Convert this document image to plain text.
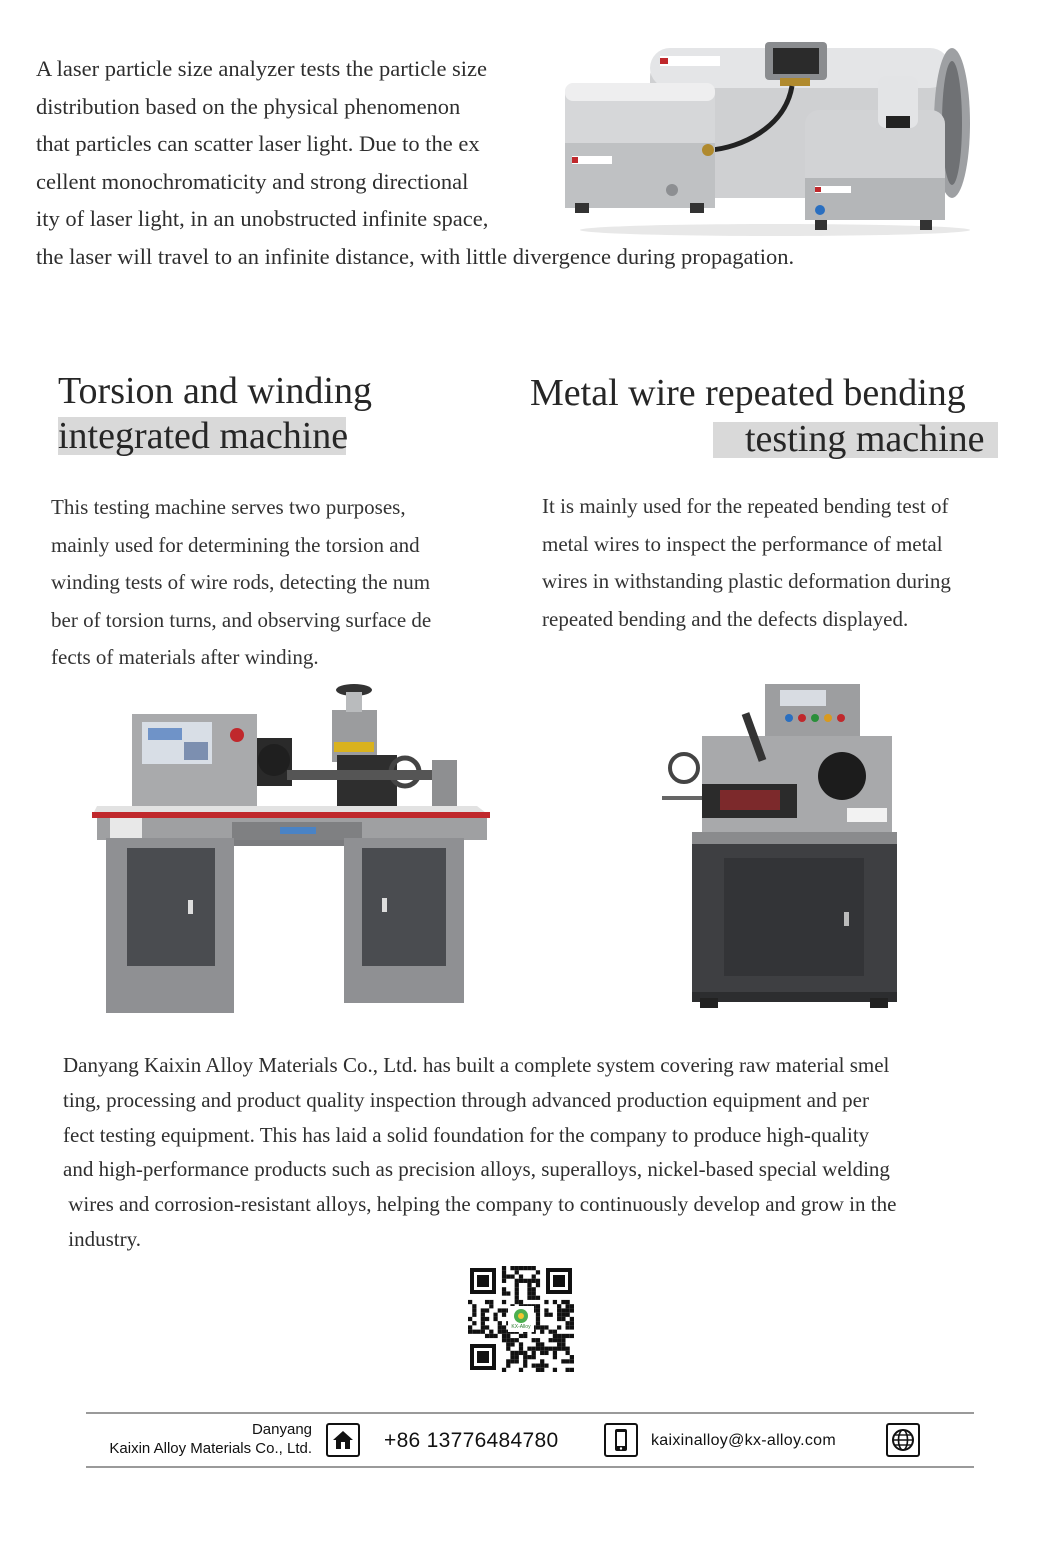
A laser particle size analyzer tests the particle size
distribution based on the physical phenomenon
that particles can scatter laser light. Due to the ex
cellent monochromaticity and strong directional
ity of laser light, in an unobstructed infinite space,
the laser will travel to an infinite distance, with little divergence during propagation.
Torsion and winding
integrated machine
Metal wire repeated bending
testing machine
This testing machine serves two purposes,
mainly used for determining the torsion and
winding tests of wire rods, detecting the num
ber of torsion turns, and observing surface de
fects of materials after winding.
It is mainly used for the repeated bending test of
metal wires to inspect the performance of metal
wires in withstanding plastic deformation during
repeated bending and the defects displayed.
Danyang Kaixin Alloy Materials Co., Ltd. has built a complete system covering raw material smel
ting, processing and product quality inspection through advanced production equipment and per
fect testing equipment. This has laid a solid foundation for the company to produce high-quality
and high-performance products such as precision alloys, superalloys, nickel-based special welding
wires and corrosion-resistant alloys, helping the company to continuously develop and grow in the
industry.
KX-Alloy
Danyang
Kaixin Alloy Materials Co., Ltd.	+86 13776484780	kaixinalloy@kx-alloy.com
